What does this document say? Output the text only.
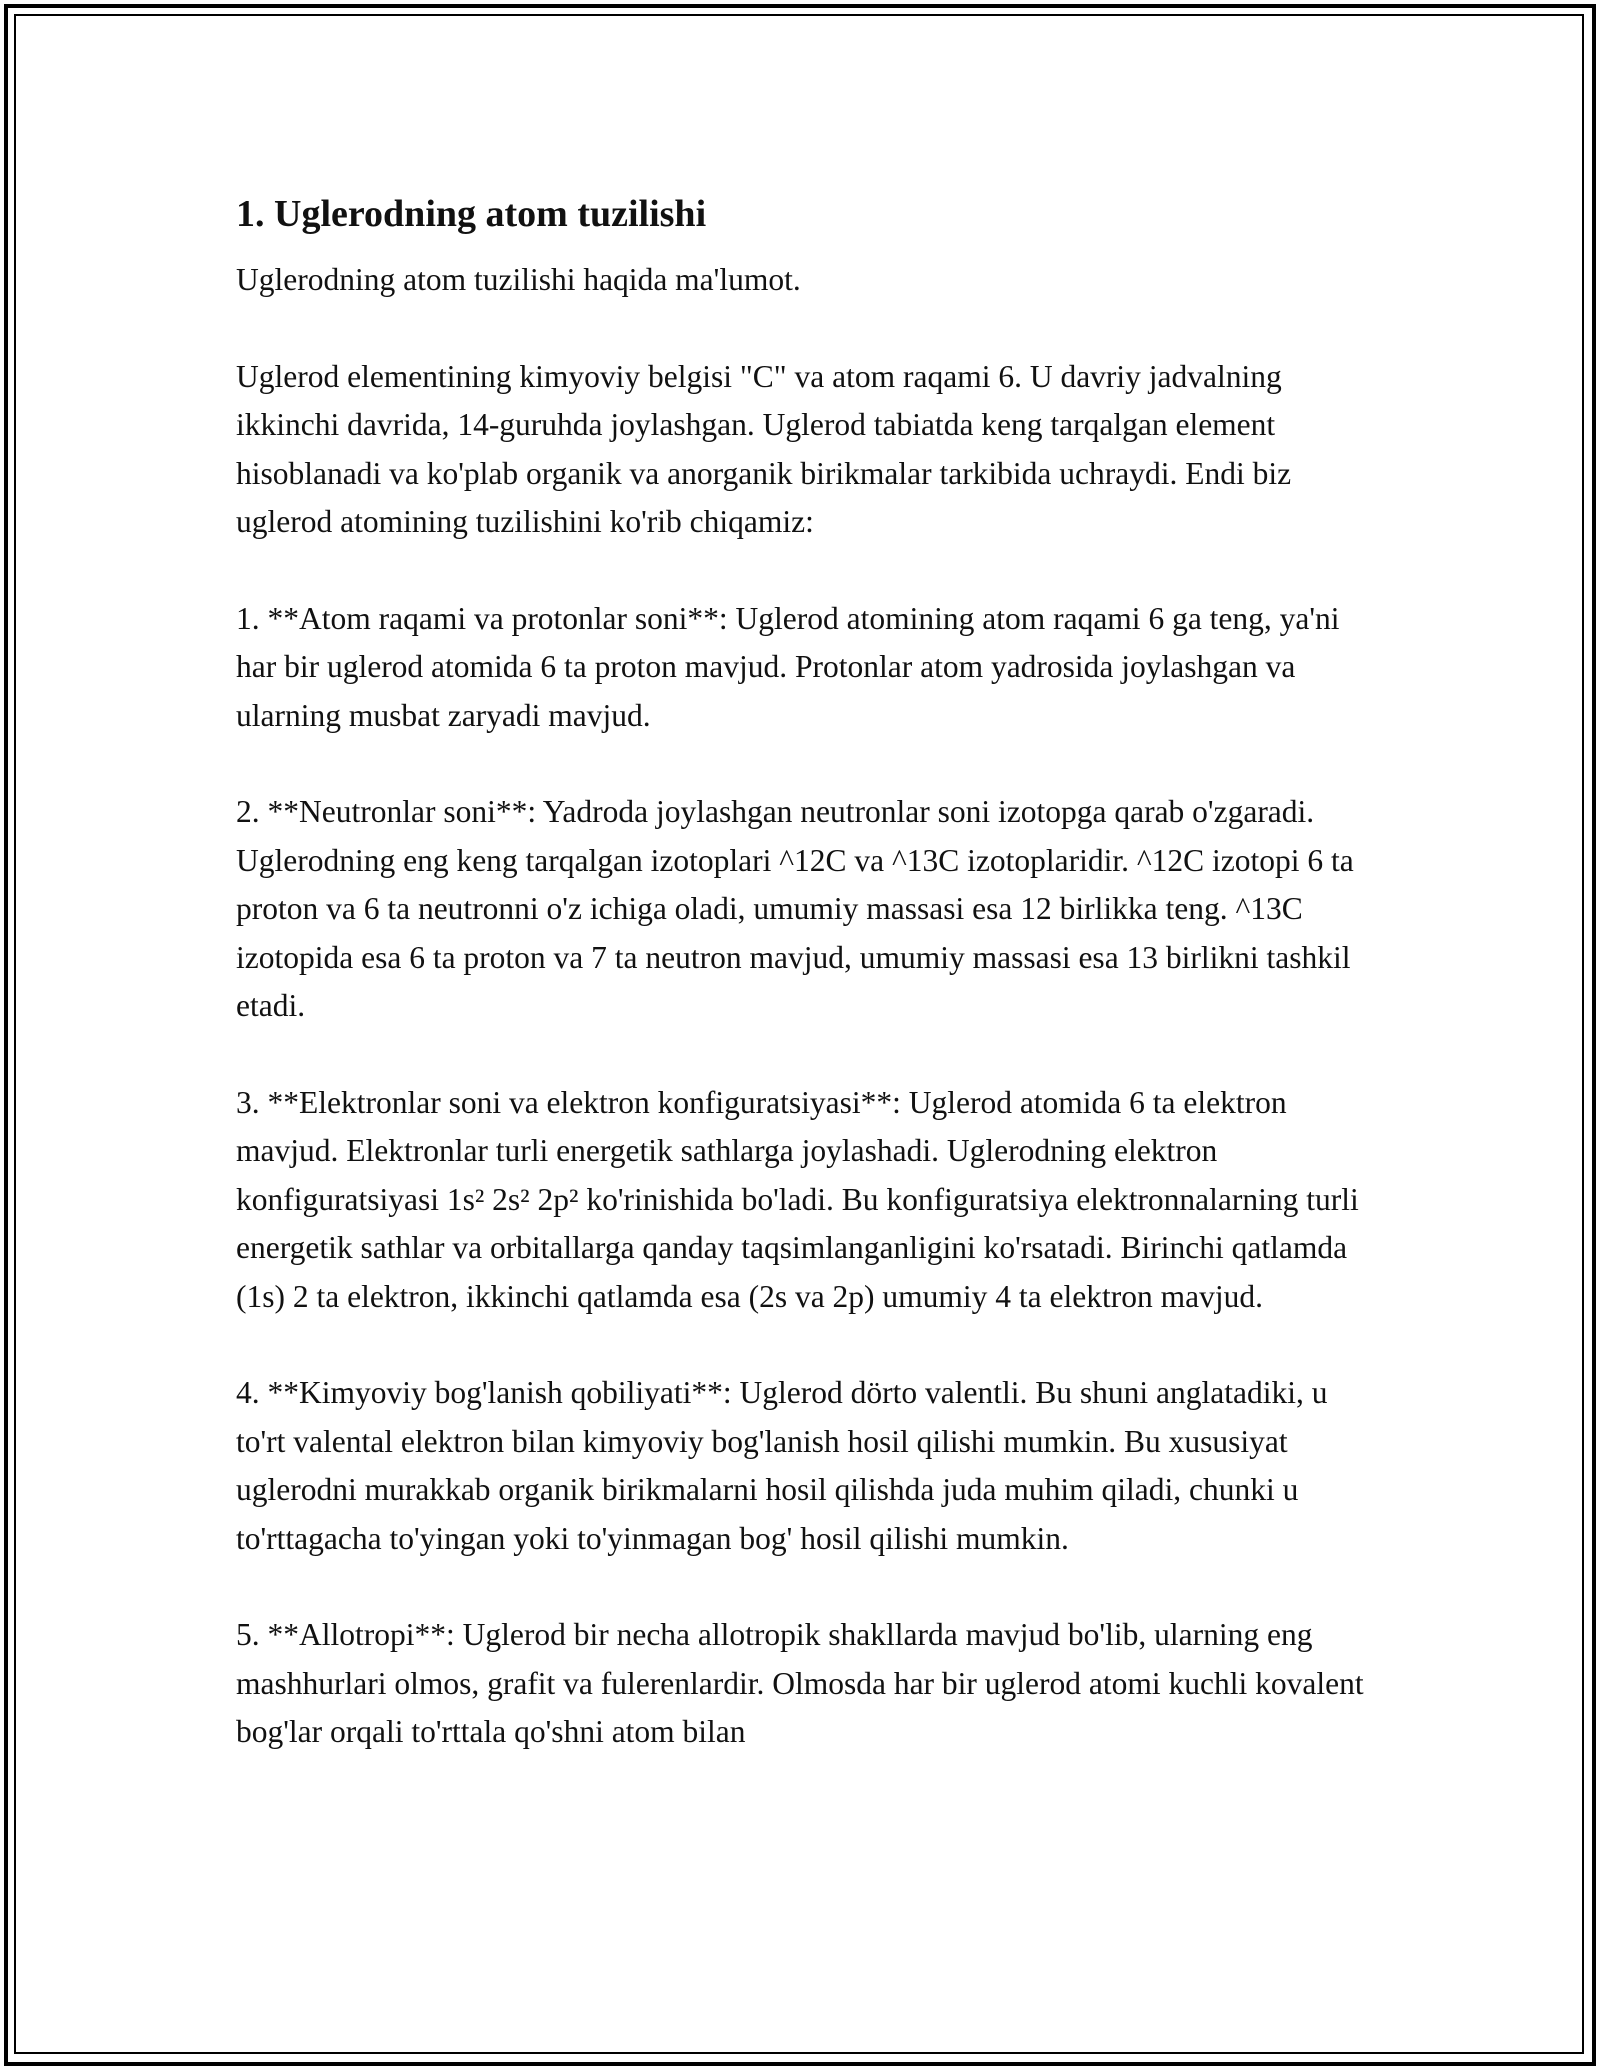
1. Uglerodning atom tuzilishi

Uglerodning atom tuzilishi haqida ma'lumot.

Uglerod elementining kimyoviy belgisi "C" va atom raqami 6. U davriy jadvalning ikkinchi davrida, 14-guruhda joylashgan. Uglerod tabiatda keng tarqalgan element hisoblanadi va ko'plab organik va anorganik birikmalar tarkibida uchraydi. Endi biz uglerod atomining tuzilishini ko'rib chiqamiz:

1. **Atom raqami va protonlar soni**: Uglerod atomining atom raqami 6 ga teng, ya'ni har bir uglerod atomida 6 ta proton mavjud. Protonlar atom yadrosida joylashgan va ularning musbat zaryadi mavjud.

2. **Neutronlar soni**: Yadroda joylashgan neutronlar soni izotopga qarab o'zgaradi. Uglerodning eng keng tarqalgan izotoplari ^12C va ^13C izotoplaridir. ^12C izotopi 6 ta proton va 6 ta neutronni o'z ichiga oladi, umumiy massasi esa 12 birlikka teng. ^13C izotopida esa 6 ta proton va 7 ta neutron mavjud, umumiy massasi esa 13 birlikni tashkil etadi.

3. **Elektronlar soni va elektron konfiguratsiyasi**: Uglerod atomida 6 ta elektron mavjud. Elektronlar turli energetik sathlarga joylashadi. Uglerodning elektron konfiguratsiyasi 1s² 2s² 2p² ko'rinishida bo'ladi. Bu konfiguratsiya elektronnalarning turli energetik sathlar va orbitallarga qanday taqsimlanganligini ko'rsatadi. Birinchi qatlamda (1s) 2 ta elektron, ikkinchi qatlamda esa (2s va 2p) umumiy 4 ta elektron mavjud.

4. **Kimyoviy bog'lanish qobiliyati**: Uglerod dörto valentli. Bu shuni anglatadiki, u to'rt valental elektron bilan kimyoviy bog'lanish hosil qilishi mumkin. Bu xususiyat uglerodni murakkab organik birikmalarni hosil qilishda juda muhim qiladi, chunki u to'rttagacha to'yingan yoki to'yinmagan bog' hosil qilishi mumkin.

5. **Allotropi**: Uglerod bir necha allotropik shakllarda mavjud bo'lib, ularning eng mashhurlari olmos, grafit va fulerenlardir. Olmosda har bir uglerod atomi kuchli kovalent bog'lar orqali to'rttala qo'shni atom bilan
